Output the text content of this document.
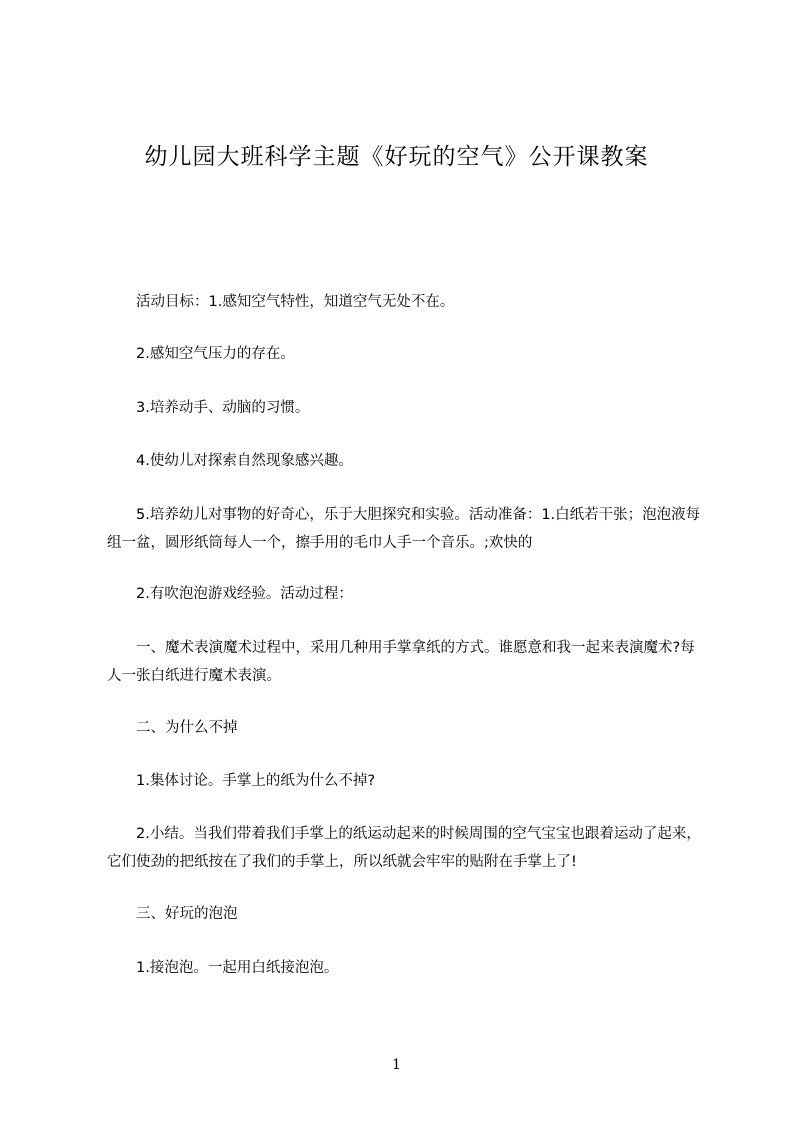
幼儿园大班科学主题《好玩的空气》公开课教案
活动目标：1.感知空气特性，知道空气无处不在。
2.感知空气压力的存在。
3.培养动手、动脑的习惯。
4.使幼儿对探索自然现象感兴趣。
5.培养幼儿对事物的好奇心，乐于大胆探究和实验。活动准备：1.白纸若干张；泡泡液每组一盆，圆形纸筒每人一个，擦手用的毛巾人手一个音乐。;欢快的
2.有吹泡泡游戏经验。活动过程：
一、魔术表演魔术过程中，采用几种用手掌拿纸的方式。谁愿意和我一起来表演魔术?每人一张白纸进行魔术表演。
二、为什么不掉
1.集体讨论。手掌上的纸为什么不掉?
2.小结。当我们带着我们手掌上的纸运动起来的时候周围的空气宝宝也跟着运动了起来，它们使劲的把纸按在了我们的手掌上，所以纸就会牢牢的贴附在手掌上了!
三、好玩的泡泡
1.接泡泡。一起用白纸接泡泡。
1
